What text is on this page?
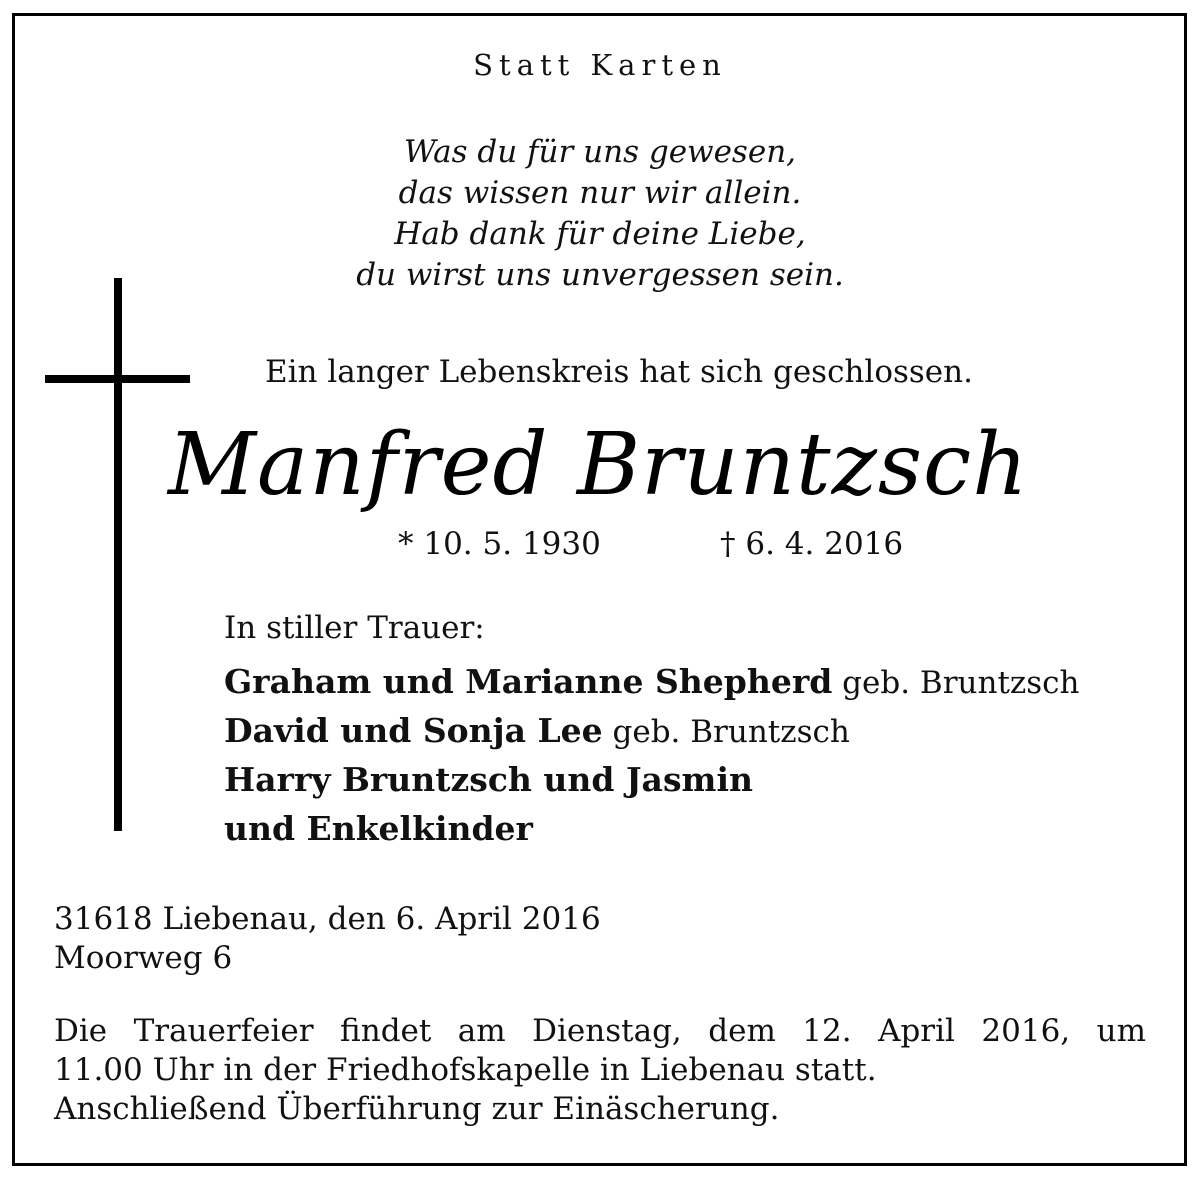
Statt Karten
Was du für uns gewesen,
das wissen nur wir allein.
Hab dank für deine Liebe,
du wirst uns unvergessen sein.
Ein langer Lebenskreis hat sich geschlossen.
Manfred Bruntzsch
* 10. 5. 1930	† 6. 4. 2016
In stiller Trauer:
Graham und Marianne Shepherd geb. Bruntzsch
David und Sonja Lee geb. Bruntzsch
Harry Bruntzsch und Jasmin
und Enkelkinder
31618 Liebenau, den 6. April 2016
Moorweg 6
Die Trauerfeier findet am Dienstag, dem 12. April 2016, um
11.00 Uhr in der Friedhofskapelle in Liebenau statt.
Anschließend Überführung zur Einäscherung.
